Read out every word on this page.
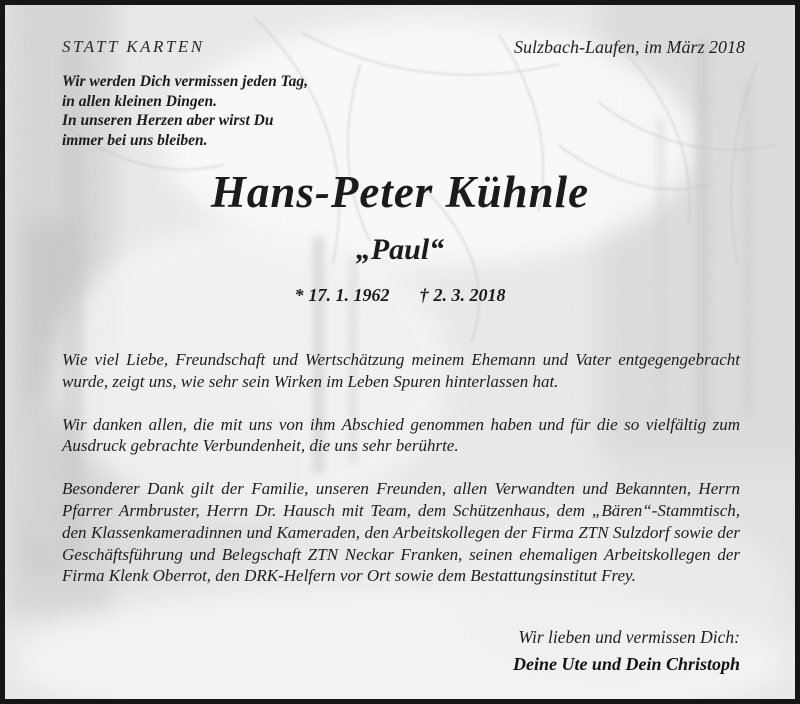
STATT KARTEN	Sulzbach-Laufen, im März 2018
Wir werden Dich vermissen jeden Tag,
in allen kleinen Dingen.
In unseren Herzen aber wirst Du
immer bei uns bleiben.
Hans-Peter Kühnle
„Paul“
* 17. 1. 1962 † 2. 3. 2018

Wie viel Liebe, Freundschaft und Wertschätzung meinem Ehemann und Vater entgegengebracht wurde, zeigt uns, wie sehr sein Wirken im Leben Spuren hinterlassen hat.

Wir danken allen, die mit uns von ihm Abschied genommen haben und für die so vielfältig zum Ausdruck gebrachte Verbundenheit, die uns sehr berührte.

Besonderer Dank gilt der Familie, unseren Freunden, allen Verwandten und Bekannten, Herrn Pfarrer Armbruster, Herrn Dr. Hausch mit Team, dem Schützenhaus, dem „Bären“-Stammtisch, den Klassenkameradinnen und Kameraden, den Arbeitskollegen der Firma ZTN Sulzdorf sowie der Geschäftsführung und Belegschaft ZTN Neckar Franken, seinen ehemaligen Arbeitskollegen der Firma Klenk Oberrot, den DRK-Helfern vor Ort sowie dem Bestattungsinstitut Frey.

Wir lieben und vermissen Dich:
Deine Ute und Dein Christoph
